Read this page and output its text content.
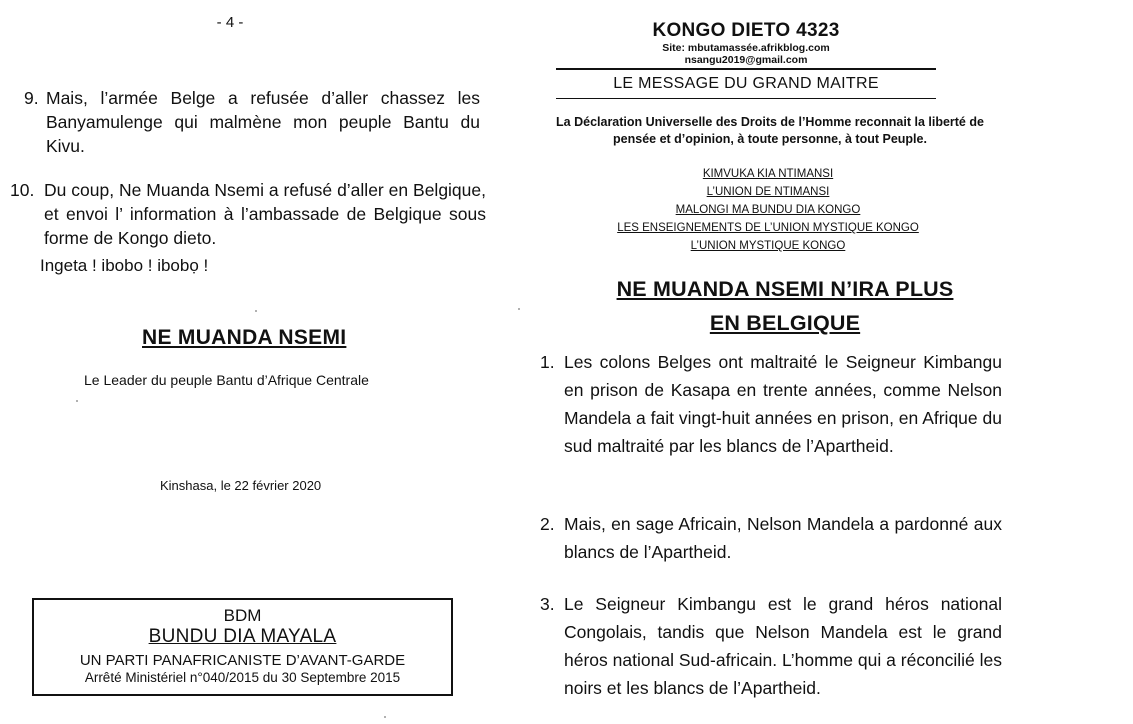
- 4 -
9. Mais, l’armée Belge a refusée d’aller chassez les Banyamulenge qui malmène mon peuple Bantu du Kivu.
10. Du coup, Ne Muanda Nsemi a refusé d’aller en Belgique, et envoi l’ information à l’ambassade de Belgique sous forme de Kongo dieto.
Ingeta ! ibobo ! ibobọ !
NE MUANDA NSEMI
Le Leader du peuple Bantu d’Afrique Centrale
Kinshasa, le 22 février 2020
BDM
BUNDU DIA MAYALA
UN PARTI PANAFRICANISTE D’AVANT-GARDE
Arrêté Ministériel n°040/2015 du 30 Septembre 2015
KONGO DIETO 4323
Site: mbutamassée.afrikblog.com
nsangu2019@gmail.com
LE MESSAGE DU GRAND MAITRE
La Déclaration Universelle des Droits de l’Homme reconnait la liberté de pensée et d’opinion, à toute personne, à tout Peuple.
KIMVUKA KIA NTIMANSI
L’UNION DE NTIMANSI
MALONGI MA BUNDU DIA KONGO
LES ENSEIGNEMENTS DE L’UNION MYSTIQUE KONGO
L’UNION MYSTIQUE KONGO
NE MUANDA NSEMI N’IRA PLUS
EN BELGIQUE
1. Les colons Belges ont maltraité le Seigneur Kimbangu en prison de Kasapa en trente années, comme Nelson Mandela a fait vingt-huit années en prison, en Afrique du sud maltraité par les blancs de l’Apartheid.
2. Mais, en sage Africain, Nelson Mandela a pardonné aux blancs de l’Apartheid.
3. Le Seigneur Kimbangu est le grand héros national Congolais, tandis que Nelson Mandela est le grand héros national Sud-africain. L’homme qui a réconcilié les noirs et les blancs de l’Apartheid.
